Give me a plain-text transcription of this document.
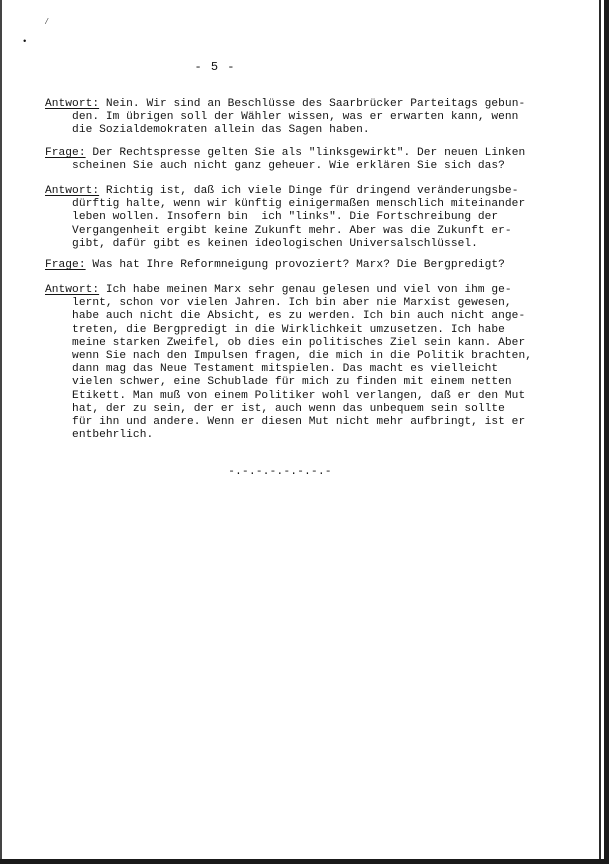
⁄
•
- 5 -
Antwort: Nein. Wir sind an Beschlüsse des Saarbrücker Parteitags gebun-
den. Im übrigen soll der Wähler wissen, was er erwarten kann, wenn
die Sozialdemokraten allein das Sagen haben.
Frage: Der Rechtspresse gelten Sie als "linksgewirkt". Der neuen Linken
scheinen Sie auch nicht ganz geheuer. Wie erklären Sie sich das?
Antwort: Richtig ist, daß ich viele Dinge für dringend veränderungsbe-
dürftig halte, wenn wir künftig einigermaßen menschlich miteinander
leben wollen. Insofern bin  ich "links". Die Fortschreibung der
Vergangenheit ergibt keine Zukunft mehr. Aber was die Zukunft er-
gibt, dafür gibt es keinen ideologischen Universalschlüssel.
Frage: Was hat Ihre Reformneigung provoziert? Marx? Die Bergpredigt?
Antwort: Ich habe meinen Marx sehr genau gelesen und viel von ihm ge-
lernt, schon vor vielen Jahren. Ich bin aber nie Marxist gewesen,
habe auch nicht die Absicht, es zu werden. Ich bin auch nicht ange-
treten, die Bergpredigt in die Wirklichkeit umzusetzen. Ich habe
meine starken Zweifel, ob dies ein politisches Ziel sein kann. Aber
wenn Sie nach den Impulsen fragen, die mich in die Politik brachten,
dann mag das Neue Testament mitspielen. Das macht es vielleicht
vielen schwer, eine Schublade für mich zu finden mit einem netten
Etikett. Man muß von einem Politiker wohl verlangen, daß er den Mut
hat, der zu sein, der er ist, auch wenn das unbequem sein sollte
für ihn und andere. Wenn er diesen Mut nicht mehr aufbringt, ist er
entbehrlich.
-.-.-.-.-.-.-.-
